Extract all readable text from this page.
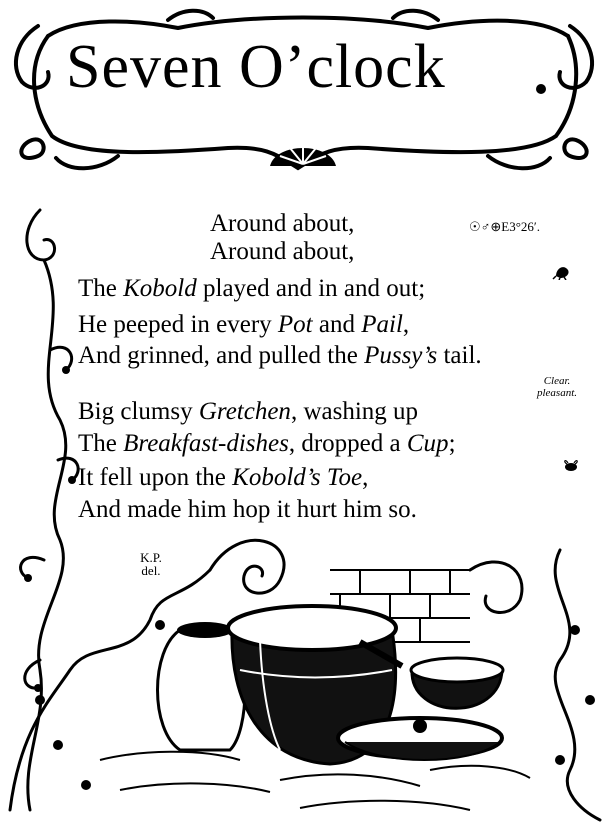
Seven O’clock
☉♂⊕E3°26′.
Around about,
Around about,
The Kobold played and in and out;
He peeped in every Pot and Pail,
And grinned, and pulled the Pussy’s tail.
Big clumsy Gretchen, washing up
The Breakfast-dishes, dropped a Cup;
It fell upon the Kobold’s Toe,
And made him hop it hurt him so.
Clear.
pleasant.
K.P.
del.
